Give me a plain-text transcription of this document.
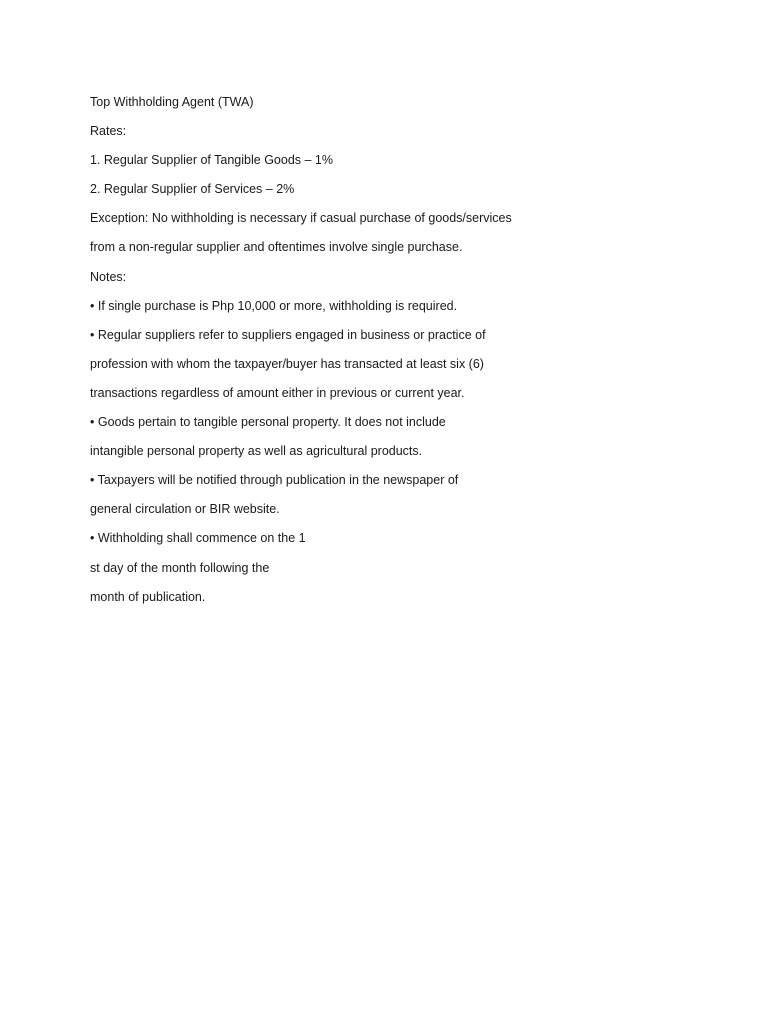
Top Withholding Agent (TWA)
Rates:
1. Regular Supplier of Tangible Goods – 1%
2. Regular Supplier of Services – 2%
Exception: No withholding is necessary if casual purchase of goods/services
from a non-regular supplier and oftentimes involve single purchase.
Notes:
• If single purchase is Php 10,000 or more, withholding is required.
• Regular suppliers refer to suppliers engaged in business or practice of
profession with whom the taxpayer/buyer has transacted at least six (6)
transactions regardless of amount either in previous or current year.
• Goods pertain to tangible personal property. It does not include
intangible personal property as well as agricultural products.
• Taxpayers will be notified through publication in the newspaper of
general circulation or BIR website.
• Withholding shall commence on the 1
st day of the month following the
month of publication.
